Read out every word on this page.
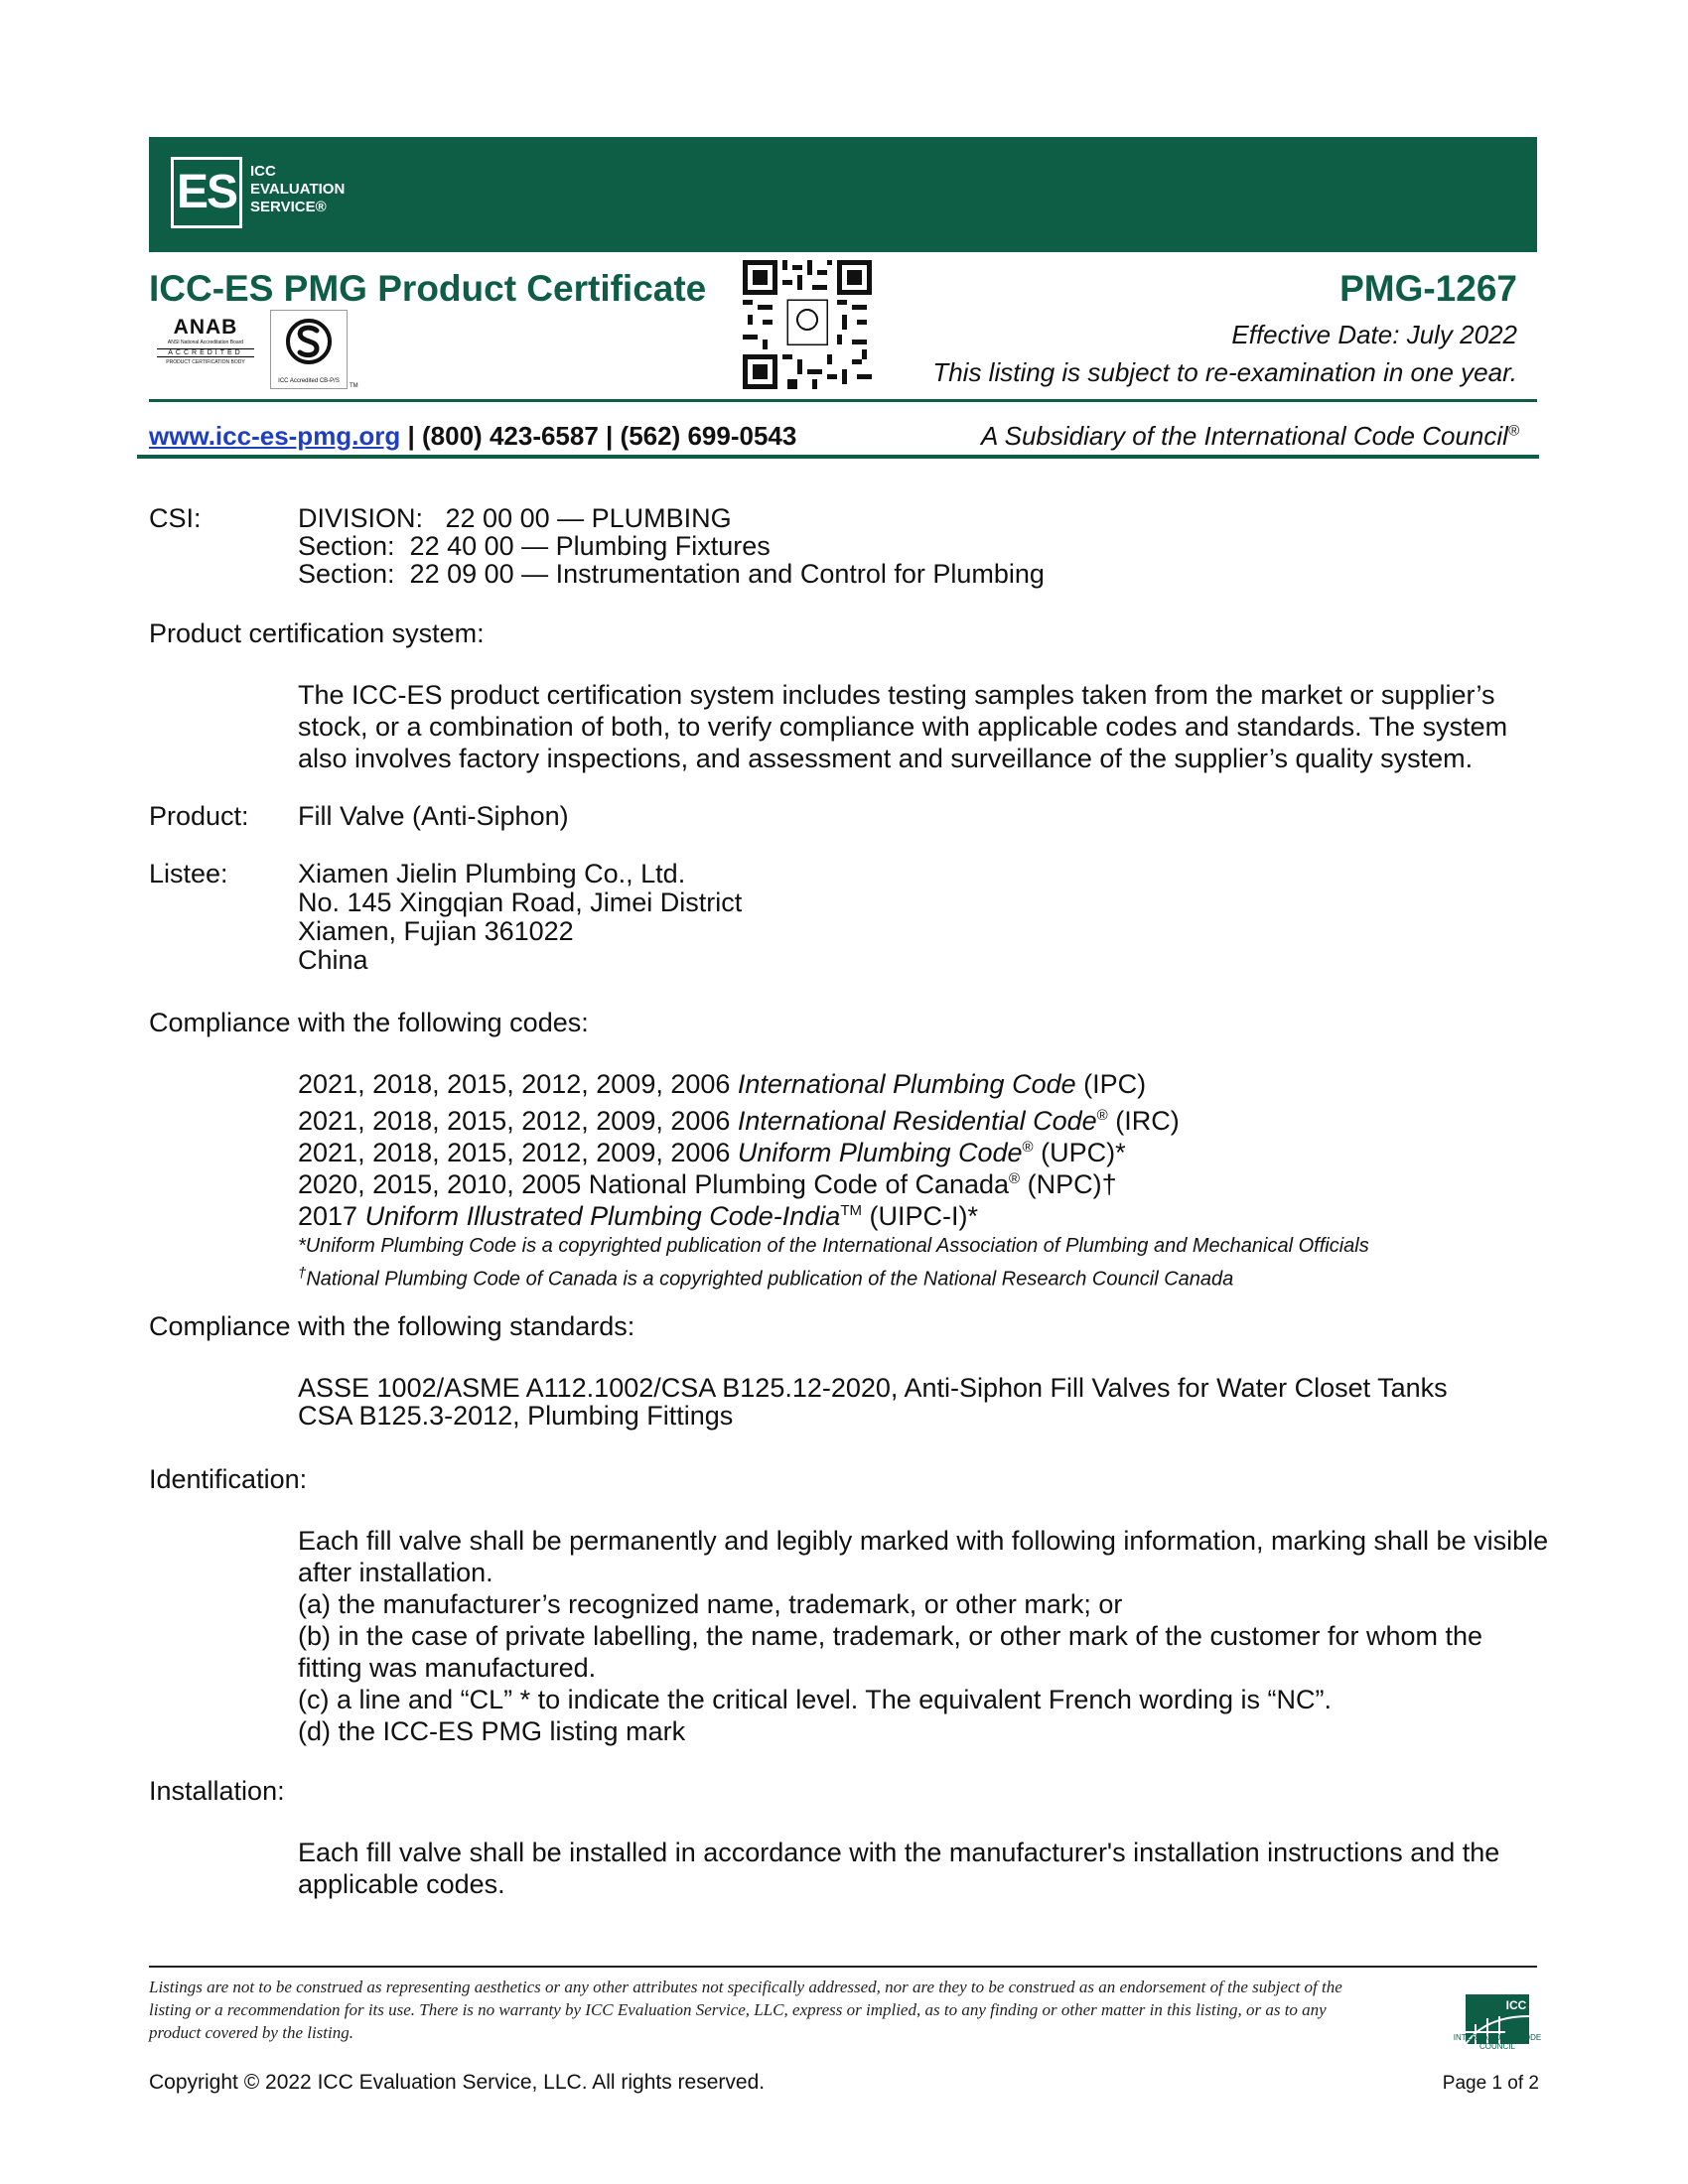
ES ICC
EVALUATION
SERVICE®
ICC-ES PMG Product Certificate	PMG-1267
Effective Date: July 2022
This listing is subject to re-examination in one year.
ANAB
ANSI National Accreditation Board
ACCREDITED
PRODUCT CERTIFICATION BODY
ICC Accredited CB-P/S
TM
www.icc-es-pmg.org | (800) 423-6587 | (562) 699-0543	A Subsidiary of the International Code Council®
CSI:	DIVISION:   22 00 00 — PLUMBING
Section:  22 40 00 — Plumbing Fixtures
Section:  22 09 00 — Instrumentation and Control for Plumbing
Product certification system:
The ICC-ES product certification system includes testing samples taken from the market or supplier’s stock, or a combination of both, to verify compliance with applicable codes and standards. The system also involves factory inspections, and assessment and surveillance of the supplier’s quality system.
Product: Fill Valve (Anti-Siphon)
Listee:	Xiamen Jielin Plumbing Co., Ltd.
No. 145 Xingqian Road, Jimei District
Xiamen, Fujian 361022
China
Compliance with the following codes:
2021, 2018, 2015, 2012, 2009, 2006 International Plumbing Code (IPC)
2021, 2018, 2015, 2012, 2009, 2006 International Residential Code® (IRC)
2021, 2018, 2015, 2012, 2009, 2006 Uniform Plumbing Code® (UPC)*
2020, 2015, 2010, 2005 National Plumbing Code of Canada® (NPC)†
2017 Uniform Illustrated Plumbing Code-India™ (UIPC-I)*
*Uniform Plumbing Code is a copyrighted publication of the International Association of Plumbing and Mechanical Officials
†National Plumbing Code of Canada is a copyrighted publication of the National Research Council Canada
Compliance with the following standards:
ASSE 1002/ASME A112.1002/CSA B125.12-2020, Anti-Siphon Fill Valves for Water Closet Tanks
CSA B125.3-2012, Plumbing Fittings
Identification:
Each fill valve shall be permanently and legibly marked with following information, marking shall be visible after installation.
(a) the manufacturer’s recognized name, trademark, or other mark; or
(b) in the case of private labelling, the name, trademark, or other mark of the customer for whom the fitting was manufactured.
(c) a line and “CL” * to indicate the critical level. The equivalent French wording is “NC”.
(d) the ICC-ES PMG listing mark
Installation:
Each fill valve shall be installed in accordance with the manufacturer's installation instructions and the applicable codes.
Listings are not to be construed as representing aesthetics or any other attributes not specifically addressed, nor are they to be construed as an endorsement of the subject of the listing or a recommendation for its use. There is no warranty by ICC Evaluation Service, LLC, express or implied, as to any finding or other matter in this listing, or as to any product covered by the listing.
Copyright © 2022 ICC Evaluation Service, LLC. All rights reserved.
ICC
INTERNATIONAL CODE COUNCIL
Page 1 of 2
